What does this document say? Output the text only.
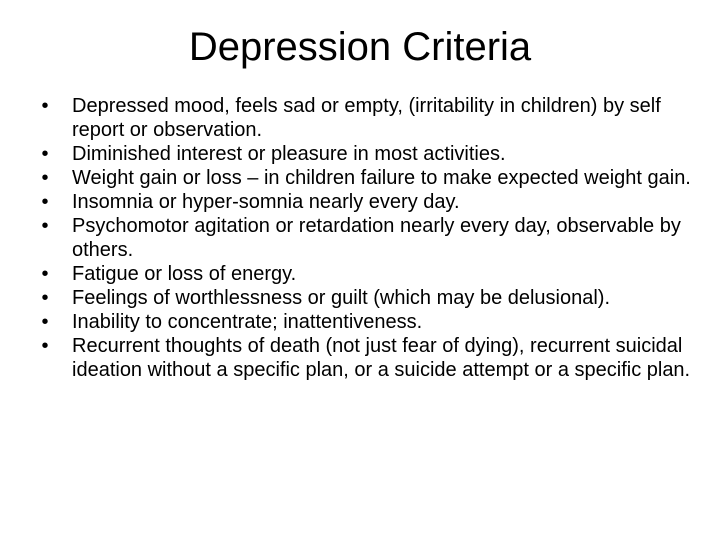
Depression Criteria
• Depressed mood, feels sad or empty, (irritability in children) by self report or observation.
• Diminished interest or pleasure in most activities.
• Weight gain or loss – in children failure to make expected weight gain.
• Insomnia or hyper-somnia nearly every day.
• Psychomotor agitation or retardation nearly every day, observable by others.
• Fatigue or loss of energy.
• Feelings of worthlessness or guilt (which may be delusional).
• Inability to concentrate; inattentiveness.
• Recurrent thoughts of death (not just fear of dying), recurrent suicidal ideation without a specific plan, or a suicide attempt or a specific plan.
